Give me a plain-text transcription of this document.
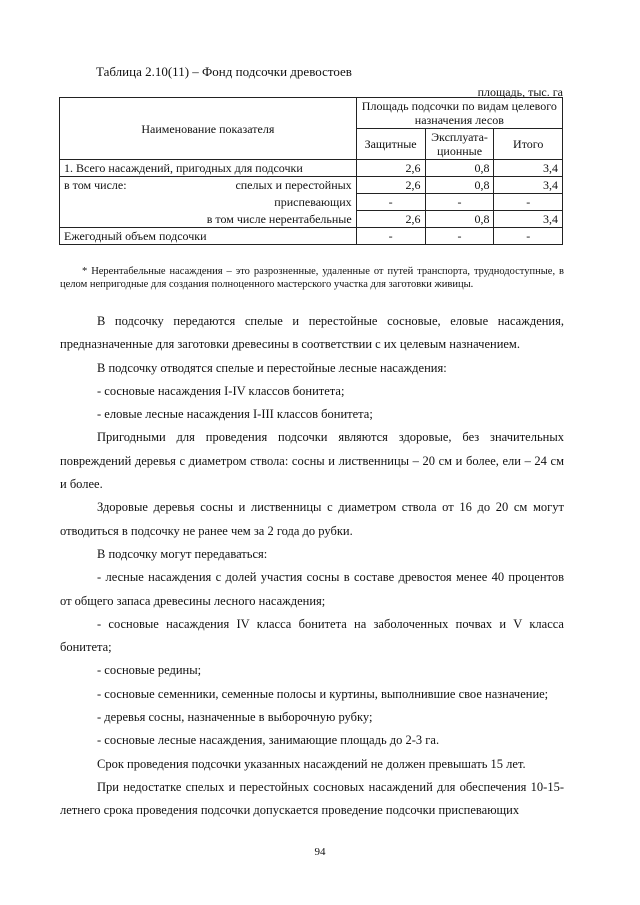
Таблица 2.10(11) – Фонд подсочки древостоев
площадь, тыс. га
Наименование показателя	Площадь подсочки по видам целевого назначения лесов		
	Защитные	Эксплуата-ционные	Итого
1. Всего насаждений, пригодных для подсочки	2,6	0,8	3,4

в том числе: спелых и перестойных	2,6	0,8	3,4
приспевающих	-	-	-
в том числе нерентабельные	2,6	0,8	3,4
Ежегодный объем подсочки	-	-	-
* Нерентабельные насаждения – это разрозненные, удаленные от путей транспорта, труднодоступные, в целом непригодные для создания полноценного мастерского участка для заготовки живицы.

В подсочку передаются спелые и перестойные сосновые, еловые насаждения, предназначенные для заготовки древесины в соответствии с их целевым назначением.

В подсочку отводятся спелые и перестойные лесные насаждения:

- сосновые насаждения I-IV классов бонитета;

- еловые лесные насаждения I-III классов бонитета;

Пригодными для проведения подсочки являются здоровые, без значительных повреждений деревья с диаметром ствола: сосны и лиственницы – 20 см и более, ели – 24 см и более.

Здоровые деревья сосны и лиственницы с диаметром ствола от 16 до 20 см могут отводиться в подсочку не ранее чем за 2 года до рубки.

В подсочку могут передаваться:

- лесные насаждения с долей участия сосны в составе древостоя менее 40 процентов от общего запаса древесины лесного насаждения;

- сосновые насаждения IV класса бонитета на заболоченных почвах и V класса бонитета;

- сосновые редины;

- сосновые семенники, семенные полосы и куртины, выполнившие свое назначение;

- деревья сосны, назначенные в выборочную рубку;

- сосновые лесные насаждения, занимающие площадь до 2-3 га.

Срок проведения подсочки указанных насаждений не должен превышать 15 лет.

При недостатке спелых и перестойных сосновых насаждений для обеспечения 10-15-летнего срока проведения подсочки допускается проведение подсочки приспевающих

94
